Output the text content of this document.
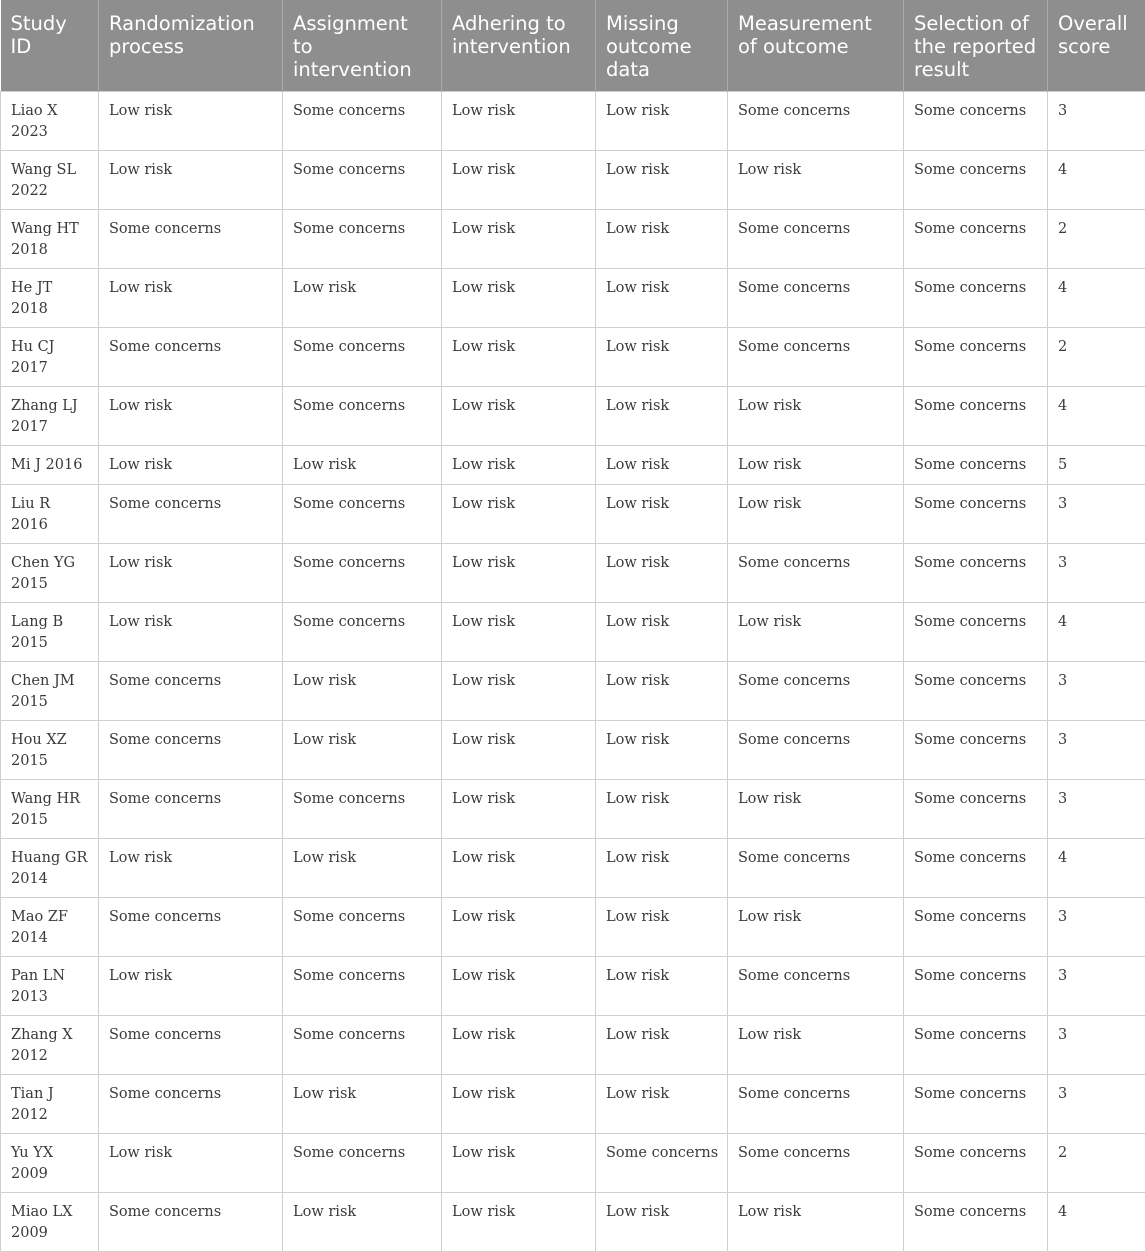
Study ID	Randomization process	Assignment to intervention	Adhering to intervention	Missing outcome data	Measurement of outcome	Selection of the reported result	Overall score
Liao X 2023	Low risk	Some concerns	Low risk	Low risk	Some concerns	Some concerns	3
Wang SL 2022	Low risk	Some concerns	Low risk	Low risk	Low risk	Some concerns	4
Wang HT 2018	Some concerns	Some concerns	Low risk	Low risk	Some concerns	Some concerns	2
He JT 2018	Low risk	Low risk	Low risk	Low risk	Some concerns	Some concerns	4
Hu CJ 2017	Some concerns	Some concerns	Low risk	Low risk	Some concerns	Some concerns	2
Zhang LJ 2017	Low risk	Some concerns	Low risk	Low risk	Low risk	Some concerns	4
Mi J 2016	Low risk	Low risk	Low risk	Low risk	Low risk	Some concerns	5
Liu R 2016	Some concerns	Some concerns	Low risk	Low risk	Low risk	Some concerns	3
Chen YG 2015	Low risk	Some concerns	Low risk	Low risk	Some concerns	Some concerns	3
Lang B 2015	Low risk	Some concerns	Low risk	Low risk	Low risk	Some concerns	4
Chen JM 2015	Some concerns	Low risk	Low risk	Low risk	Some concerns	Some concerns	3
Hou XZ 2015	Some concerns	Low risk	Low risk	Low risk	Some concerns	Some concerns	3
Wang HR 2015	Some concerns	Some concerns	Low risk	Low risk	Low risk	Some concerns	3
Huang GR 2014	Low risk	Low risk	Low risk	Low risk	Some concerns	Some concerns	4
Mao ZF 2014	Some concerns	Some concerns	Low risk	Low risk	Low risk	Some concerns	3
Pan LN 2013	Low risk	Some concerns	Low risk	Low risk	Some concerns	Some concerns	3
Zhang X 2012	Some concerns	Some concerns	Low risk	Low risk	Low risk	Some concerns	3
Tian J 2012	Some concerns	Low risk	Low risk	Low risk	Some concerns	Some concerns	3
Yu YX 2009	Low risk	Some concerns	Low risk	Some concerns	Some concerns	Some concerns	2
Miao LX 2009	Some concerns	Low risk	Low risk	Low risk	Low risk	Some concerns	4
